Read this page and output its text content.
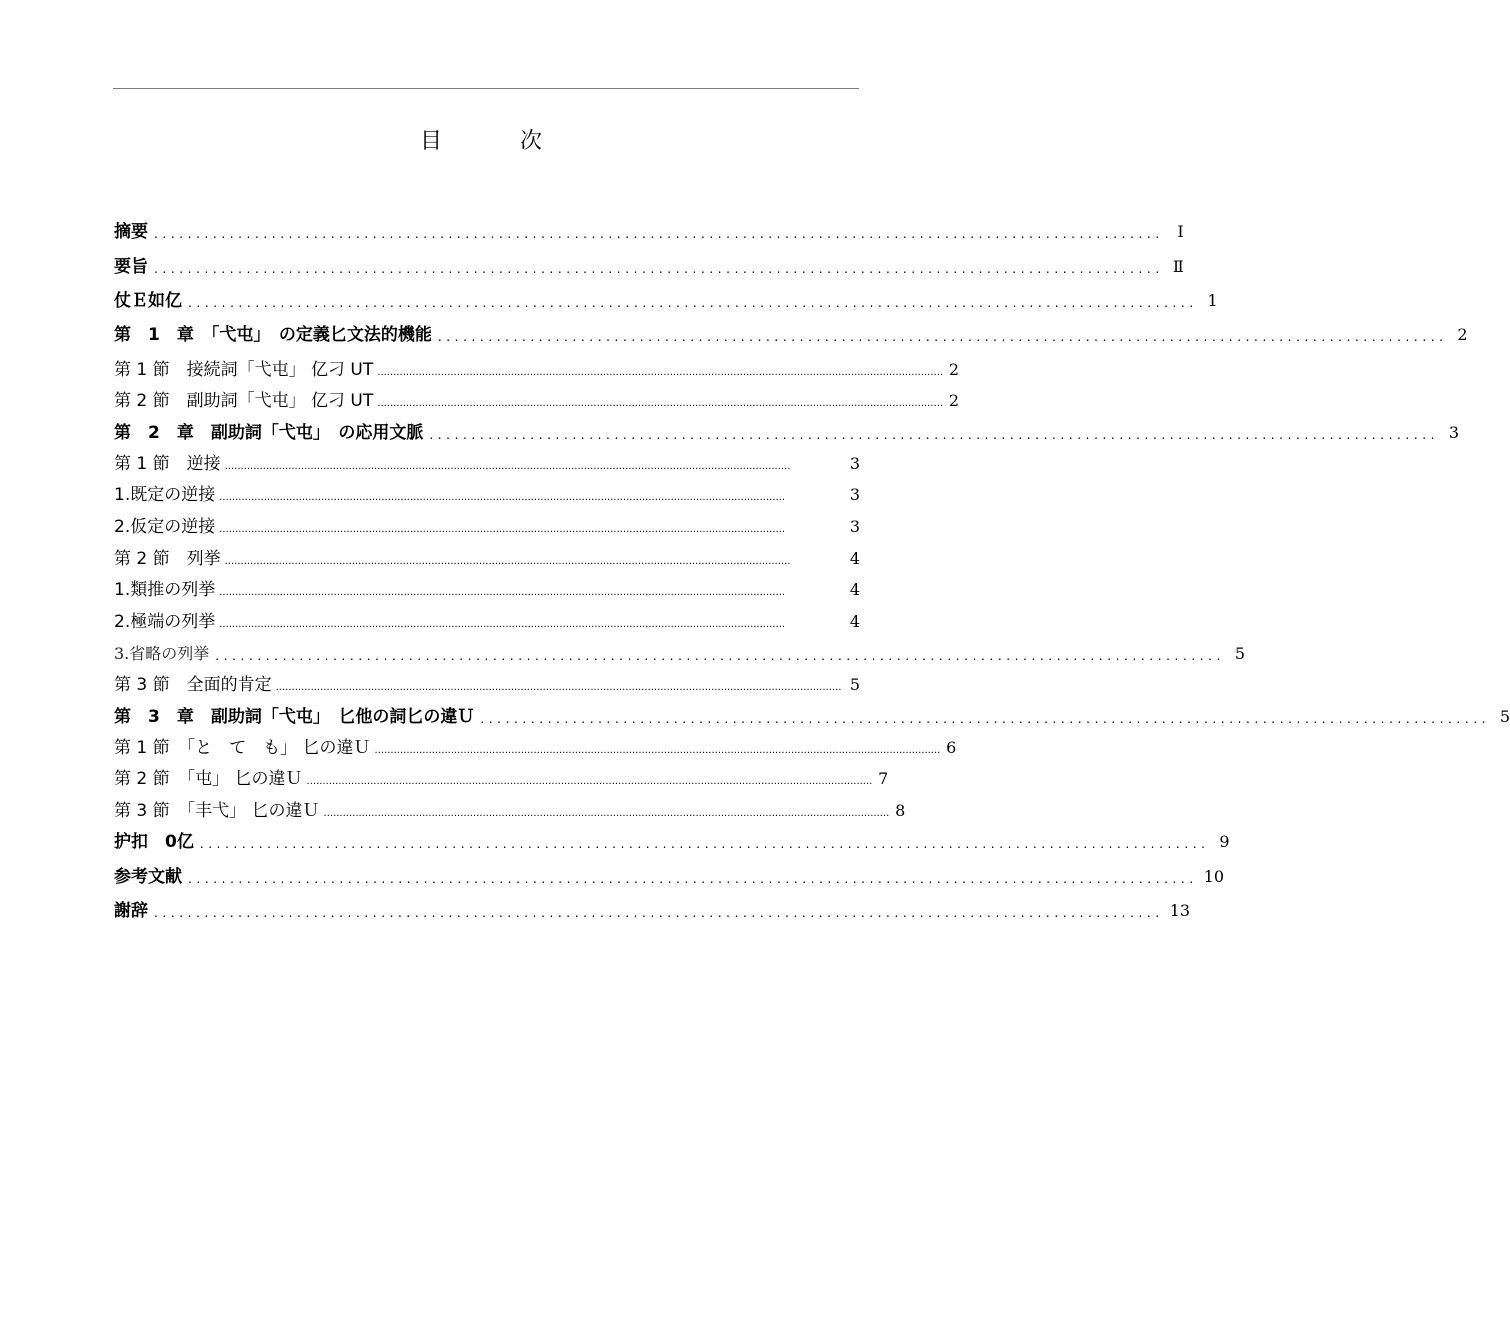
目　次
摘要 ........................................................................................................................ Ⅰ
要旨 ........................................................................................................................ Ⅱ
仗Ｅ如亿 ........................................................................................................................ 1
第　1　章　「弋屯」　の定義匕文法的機能 ........................................................................................................................ 2
第 1 節　接続詞「弋屯」 亿刁 UT .................................................................................................................................................................................. 2
第 2 節　副助詞「弋屯」 亿刁 UT .................................................................................................................................................................................. 2
第　2　章　副助詞「弋屯」　の応用文脈 ........................................................................................................................ 3
第 1 節　逆接 ..................................................................................................................................................................................	3
1.既定の逆接 ..................................................................................................................................................................................	3
2.仮定の逆接 ..................................................................................................................................................................................	3
第 2 節　列挙 ..................................................................................................................................................................................	4
1.類推の列挙 ..................................................................................................................................................................................	4
2.極端の列挙 ..................................................................................................................................................................................	4
3.省略の列挙 ........................................................................................................................ 5
第 3 節　全面的肯定 .................................................................................................................................................................................. 5
第　3　章　副助詞「弋屯」　匕他の詞匕の違Ｕ ........................................................................................................................ 5
第 1 節　「と　て　も」 匕の違Ｕ .................................................................................................................................................................................. 6
第 2 節　「屯」 匕の違Ｕ .................................................................................................................................................................................. 7
第 3 節　「丰弋」 匕の違Ｕ .................................................................................................................................................................................. 8
护扣　0亿 ........................................................................................................................ 9
参考文献 ........................................................................................................................ 10
謝辞 ........................................................................................................................ 13
